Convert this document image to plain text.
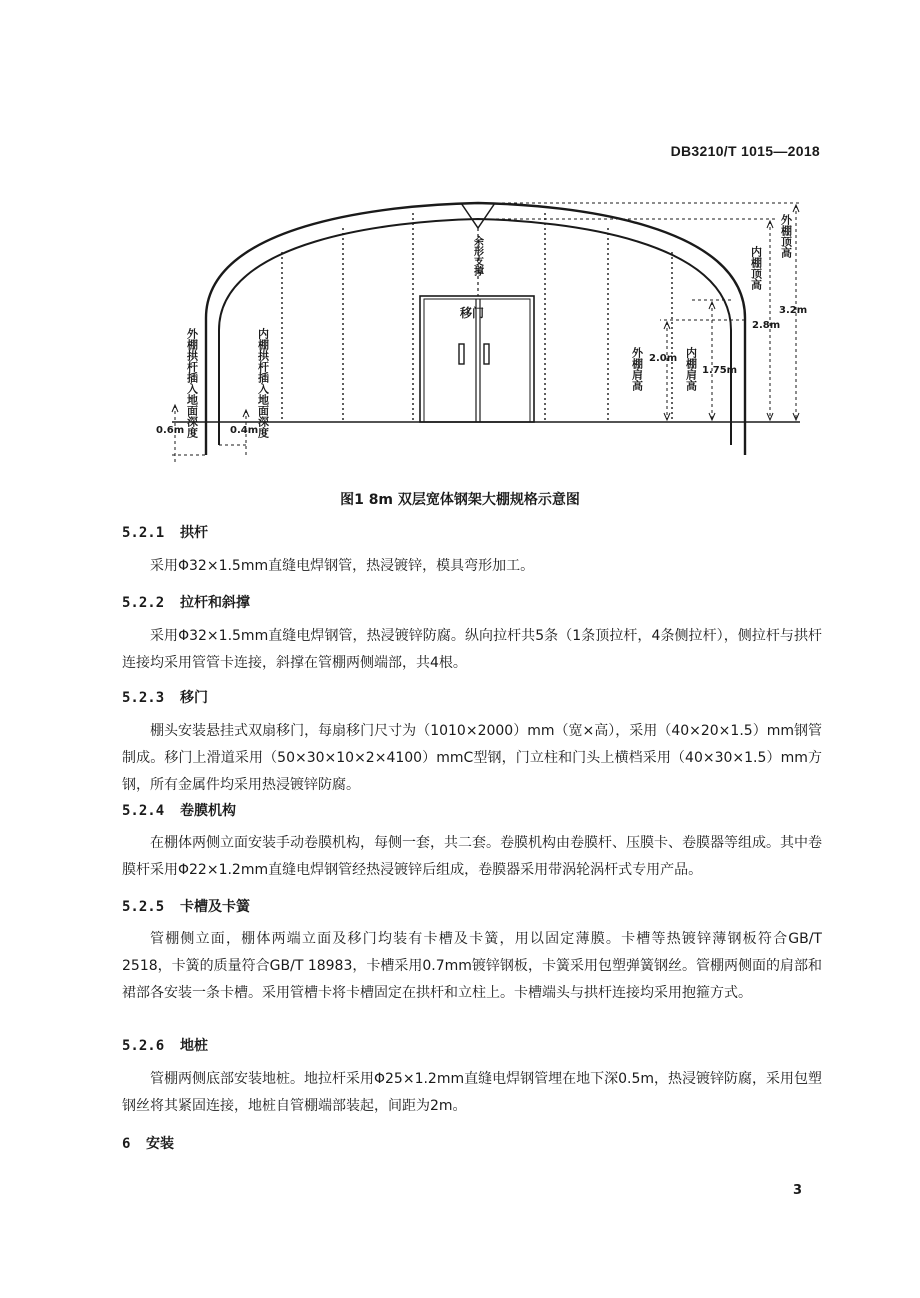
DB3210/T 1015—2018
外棚拱杆插入地面深度	内棚拱杆插入地面深度
余形支撑
移门
外棚顶高
内棚顶高
外棚肩高	内棚肩高
0.6m	0.4m
3.2m
2.8m
2.0m
1.75m
图1 8m 双层宽体钢架大棚规格示意图
5.2.1 拱杆
采用Φ32×1.5mm直缝电焊钢管，热浸镀锌，模具弯形加工。
5.2.2 拉杆和斜撑
采用Φ32×1.5mm直缝电焊钢管，热浸镀锌防腐。纵向拉杆共5条（1条顶拉杆，4条侧拉杆），侧拉杆与拱杆连接均采用管管卡连接，斜撑在管棚两侧端部，共4根。
5.2.3 移门
棚头安装悬挂式双扇移门，每扇移门尺寸为（1010×2000）mm（宽×高），采用（40×20×1.5）mm钢管制成。移门上滑道采用（50×30×10×2×4100）mmC型钢，门立柱和门头上横档采用（40×30×1.5）mm方钢，所有金属件均采用热浸镀锌防腐。
5.2.4 卷膜机构
在棚体两侧立面安装手动卷膜机构，每侧一套，共二套。卷膜机构由卷膜杆、压膜卡、卷膜器等组成。其中卷膜杆采用Φ22×1.2mm直缝电焊钢管经热浸镀锌后组成，卷膜器采用带涡轮涡杆式专用产品。
5.2.5 卡槽及卡簧
管棚侧立面，棚体两端立面及移门均装有卡槽及卡簧，用以固定薄膜。卡槽等热镀锌薄钢板符合GB/T 2518，卡簧的质量符合GB/T 18983，卡槽采用0.7mm镀锌钢板，卡簧采用包塑弹簧钢丝。管棚两侧面的肩部和裙部各安装一条卡槽。采用管槽卡将卡槽固定在拱杆和立柱上。卡槽端头与拱杆连接均采用抱箍方式。
5.2.6 地桩
管棚两侧底部安装地桩。地拉杆采用Φ25×1.2mm直缝电焊钢管埋在地下深0.5m，热浸镀锌防腐，采用包塑钢丝将其紧固连接，地桩自管棚端部装起，间距为2m。
6 安装
3
